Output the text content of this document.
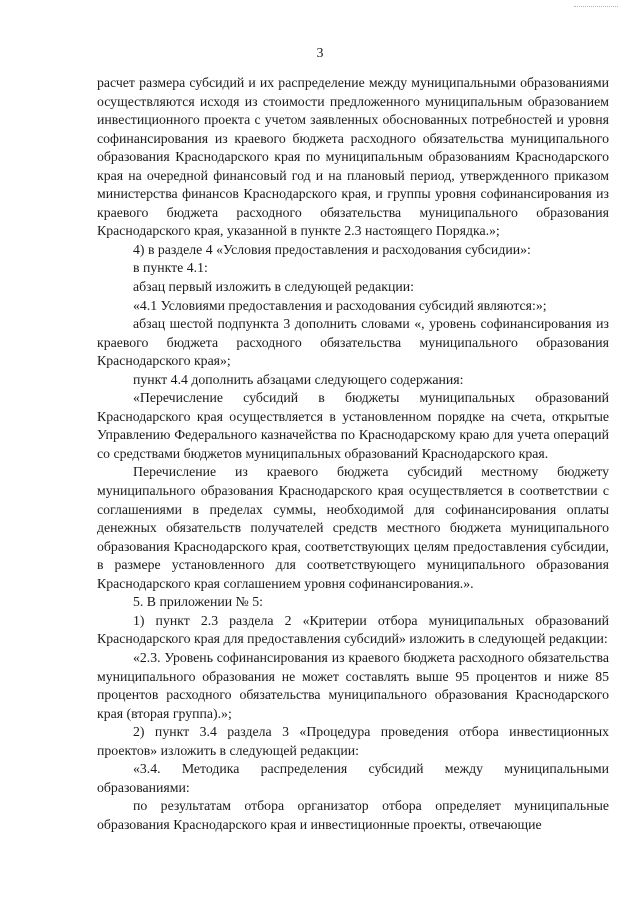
3

расчет размера субсидий и их распределение между муниципальными образованиями осуществляются исходя из стоимости предложенного муниципальным образованием инвестиционного проекта с учетом заявленных обоснованных потребностей и уровня софинансирования из краевого бюджета расходного обязательства муниципального образования Краснодарского края по муниципальным образованиям Краснодарского края на очередной финансовый год и на плановый период, утвержденного приказом министерства финансов Краснодарского края, и группы уровня софинансирования из краевого бюджета расходного обязательства муниципального образования Краснодарского края, указанной в пункте 2.3 настоящего Порядка.»;

4) в разделе 4 «Условия предоставления и расходования субсидии»:

в пункте 4.1:

абзац первый изложить в следующей редакции:

«4.1 Условиями предоставления и расходования субсидий являются:»;

абзац шестой подпункта 3 дополнить словами «, уровень софинансирования из краевого бюджета расходного обязательства муниципального образования Краснодарского края»;

пункт 4.4 дополнить абзацами следующего содержания:

«Перечисление субсидий в бюджеты муниципальных образований Краснодарского края осуществляется в установленном порядке на счета, открытые Управлению Федерального казначейства по Краснодарскому краю для учета операций со средствами бюджетов муниципальных образований Краснодарского края.

Перечисление из краевого бюджета субсидий местному бюджету муниципального образования Краснодарского края осуществляется в соответствии с соглашениями в пределах суммы, необходимой для софинансирования оплаты денежных обязательств получателей средств местного бюджета муниципального образования Краснодарского края, соответствующих целям предоставления субсидии, в размере установленного для соответствующего муниципального образования Краснодарского края соглашением уровня софинансирования.».

5. В приложении № 5:

1) пункт 2.3 раздела 2 «Критерии отбора муниципальных образований Краснодарского края для предоставления субсидий» изложить в следующей редакции:

«2.3. Уровень софинансирования из краевого бюджета расходного обязательства муниципального образования не может составлять выше 95 процентов и ниже 85 процентов расходного обязательства муниципального образования Краснодарского края (вторая группа).»;

2) пункт 3.4 раздела 3 «Процедура проведения отбора инвестиционных проектов» изложить в следующей редакции:

«3.4. Методика распределения субсидий между муниципальными образованиями:

по результатам отбора организатор отбора определяет муниципальные образования Краснодарского края и инвестиционные проекты, отвечающие
